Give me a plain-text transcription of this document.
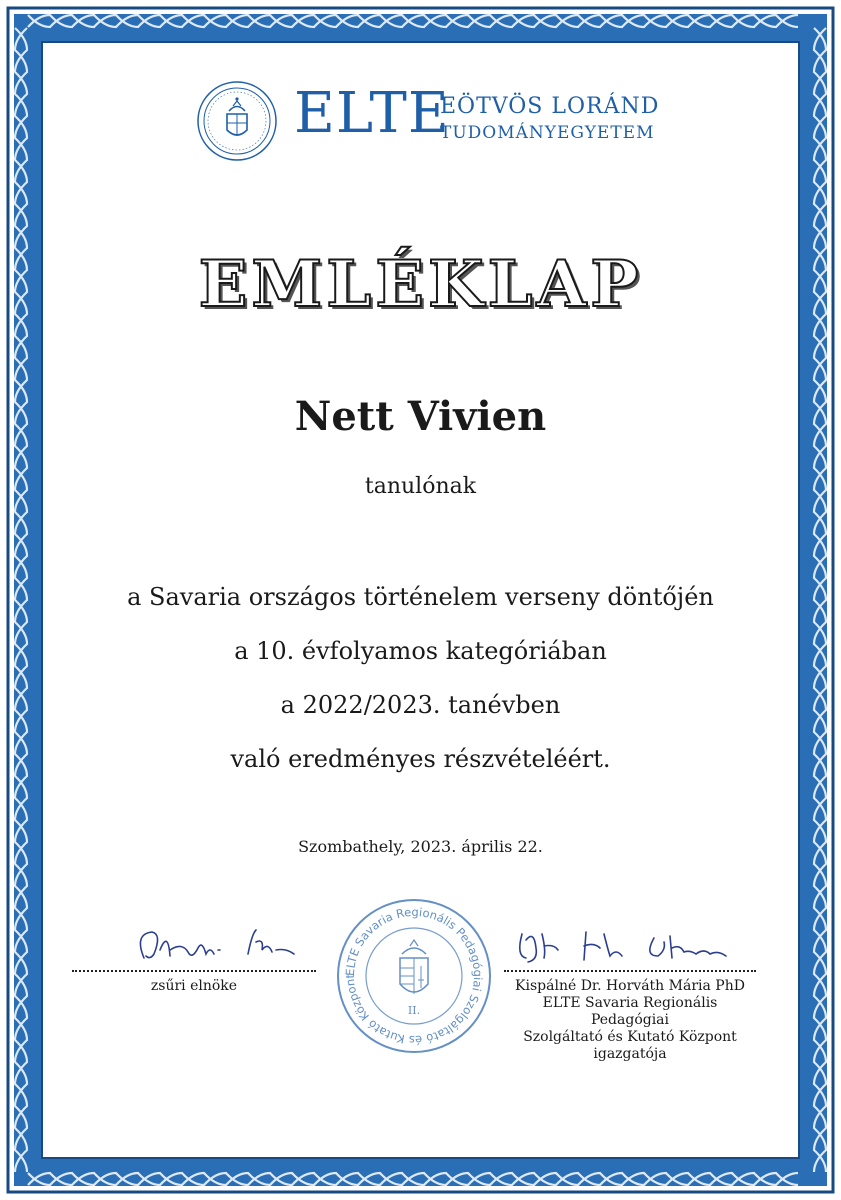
ELTE
EÖTVÖS LORÁND
TUDOMÁNYEGYETEM
EMLÉKLAP
Nett Vivien
tanulónak
a Savaria országos történelem verseny döntőjén
a 10. évfolyamos kategóriában
a 2022/2023. tanévben
való eredményes részvételéért.
Szombathely, 2023. április 22.
zsűri elnöke
ELTE Savaria Regionális Pedagógiai Szolgáltató és Kutató Központ
II.
Kispálné Dr. Horváth Mária PhD
ELTE Savaria Regionális Pedagógiai
Szolgáltató és Kutató Központ
igazgatója
